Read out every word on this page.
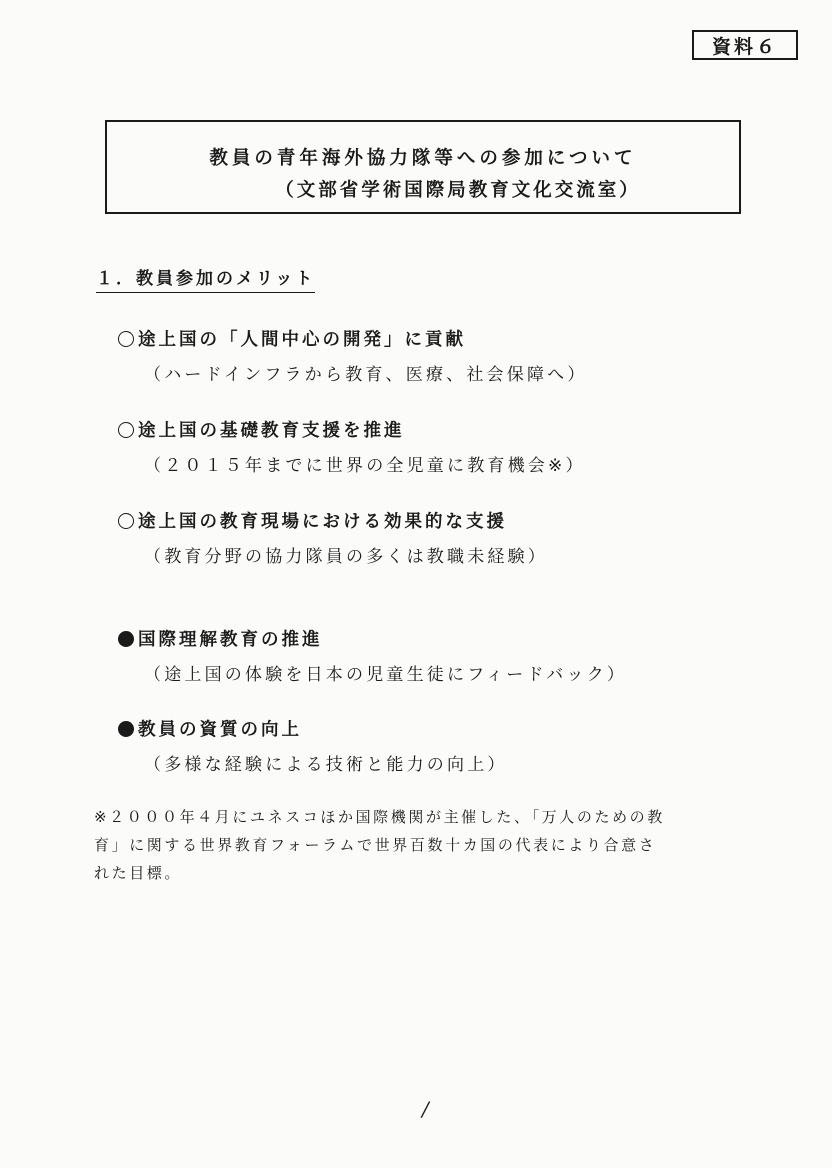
資料６
教員の青年海外協力隊等への参加について
（文部省学術国際局教育文化交流室）
１．教員参加のメリット
途上国の「人間中心の開発」に貢献
（ハードインフラから教育、医療、社会保障へ）
途上国の基礎教育支援を推進
（２０１５年までに世界の全児童に教育機会※）
途上国の教育現場における効果的な支援
（教育分野の協力隊員の多くは教職未経験）
国際理解教育の推進
（途上国の体験を日本の児童生徒にフィードバック）
教員の資質の向上
（多様な経験による技術と能力の向上）
※２０００年４月にユネスコほか国際機関が主催した、「万人のための教
育」に関する世界教育フォーラムで世界百数十カ国の代表により合意さ
れた目標。
/
